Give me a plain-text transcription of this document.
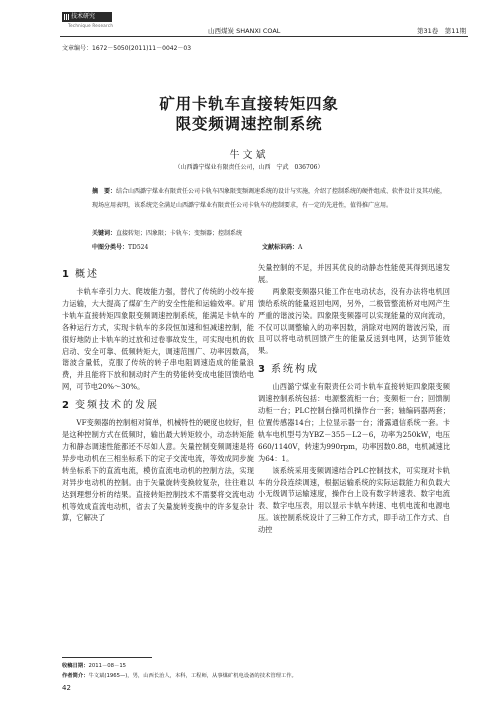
技术研究
Technique Research
山西煤炭 SHANXI COAL	第31卷　第11期
文章编号：1672－5050(2011)11－0042－03
矿用卡轨车直接转矩四象
限变频调速控制系统
牛文斌
（山西潞宁煤业有限责任公司，山西　宁武　036706）
摘　要：结合山西潞宁煤业有限责任公司卡轨车四象限变频调速系统的设计与实施，介绍了控制系统的硬件组成、软件设计及其功能，现场应用表明，该系统完全满足山西潞宁煤业有限责任公司卡轨车的控制要求，有一定的先进性，值得推广应用。
关键词：直接转矩；四象限；卡轨车；变频器；控制系统
中图分类号：TD524	文献标识码：A
1 概述

卡轨车牵引力大、爬坡能力强，替代了传统的小绞车接力运输，大大提高了煤矿生产的安全性能和运输效率。矿用卡轨车直接转矩四象限变频调速控制系统，能满足卡轨车的各种运行方式，实现卡轨车的多段恒加速和恒减速控制，能很好地防止卡轨车的过放和过卷事故发生，可实现电机的软启动、安全可靠、低频转矩大，调速范围广、功率因数高，谐波含量低，克服了传统的转子串电阻调速造成的能量浪费，并且能将下放和制动时产生的势能转变成电能回馈给电网，可节电20%～30%。

2 变频技术的发展

VF变频器的控制相对简单，机械特性的硬度也较好，但是这种控制方式在低频时，输出最大转矩较小，动态转矩能力和静态调速性能都还不尽如人意。矢量控制变频调速是将异步电动机在三相坐标系下的定子交流电流，等效成同步旋转坐标系下的直流电流，模仿直流电动机的控制方法，实现对异步电动机的控制。由于矢量旋转变换较复杂，往往难以达到理想分析的结果。直接转矩控制技术不需要将交流电动机等效成直流电动机，省去了矢量旋转变换中的许多复杂计算，它解决了

矢量控制的不足，并因其优良的动静态性能使其得到迅速发展。

两象限变频器只能工作在电动状态，没有办法将电机回馈给系统的能量返回电网，另外，二极管整流桥对电网产生严重的谐波污染。四象限变频器可以实现能量的双向流动，不仅可以调整输入的功率因数，消除对电网的谐波污染，而且可以将电动机回馈产生的能量反送到电网，达到节能效果。

3 系统构成

山西潞宁煤业有限责任公司卡轨车直接转矩四象限变频调速控制系统包括：电源整流柜一台；变频柜一台；回馈制动柜一台；PLC控制台操司机操作台一套；轴编码器两套；位置传感器14台；上位显示器一台；滑露通信系统一套。卡轨车电机型号为YBZ－355－L2－6，功率为250kW，电压660/1140V，转速为990rpm，功率因数0.88，电机减速比为64：1。

该系统采用变频调速结合PLC控制技术，可实现对卡轨车的分段连续调速，根据运输系统的实际运载能力和负载大小无级调节运输速度，操作台上设有数字转速表、数字电流表、数字电压表，用以显示卡轨车转速、电机电流和电源电压。该控制系统设计了三种工作方式，即手动工作方式、自动控

收稿日期：2011－08－15
作者简介：牛文斌(1965—)，男，山西长治人，本科，工程师，从事煤矿机电设备的技术管理工作。
42
